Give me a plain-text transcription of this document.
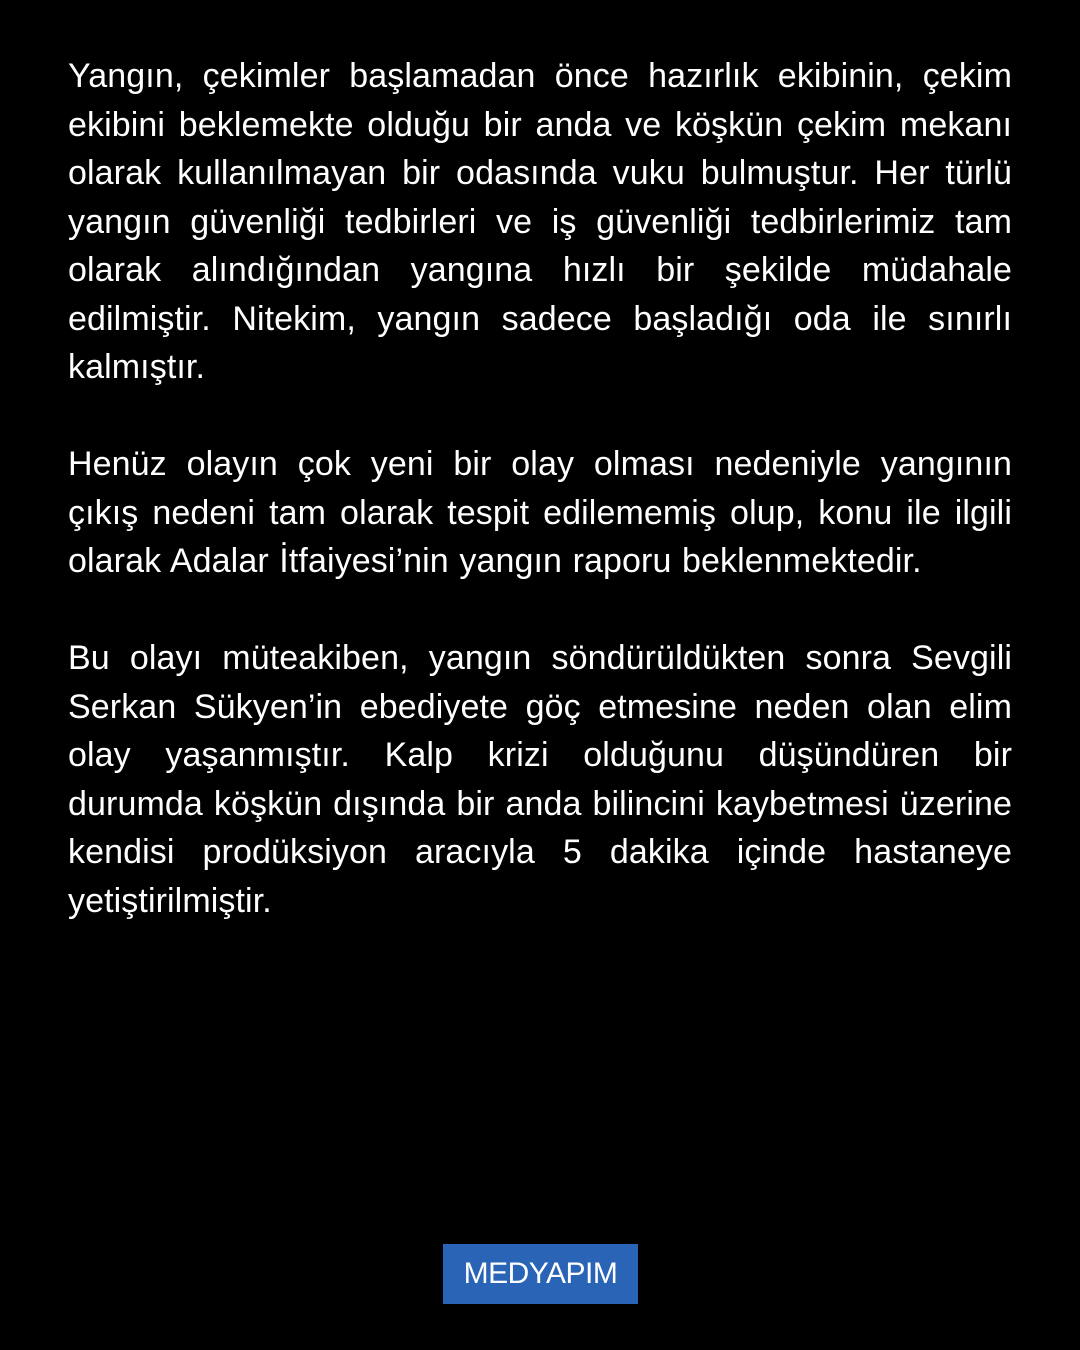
Yangın, çekimler başlamadan önce hazırlık ekibinin, çekim ekibini beklemekte olduğu bir anda ve köşkün çekim mekanı olarak kullanılmayan bir odasında vuku bulmuştur. Her türlü yangın güvenliği tedbirleri ve iş güvenliği tedbirlerimiz tam olarak alındığından yangına hızlı bir şekilde müdahale edilmiştir. Nitekim, yangın sadece başladığı oda ile sınırlı kalmıştır.

Henüz olayın çok yeni bir olay olması nedeniyle yangının çıkış nedeni tam olarak tespit edilememiş olup, konu ile ilgili olarak Adalar İtfaiyesi’nin yangın raporu beklenmektedir.

Bu olayı müteakiben, yangın söndürüldükten sonra Sevgili Serkan Sükyen’in ebediyete göç etmesine neden olan elim olay yaşanmıştır. Kalp krizi olduğunu düşündüren bir durumda köşkün dışında bir anda bilincini kaybetmesi üzerine kendisi prodüksiyon aracıyla 5 dakika içinde hastaneye yetiştirilmiştir.

MEDYAPIM
